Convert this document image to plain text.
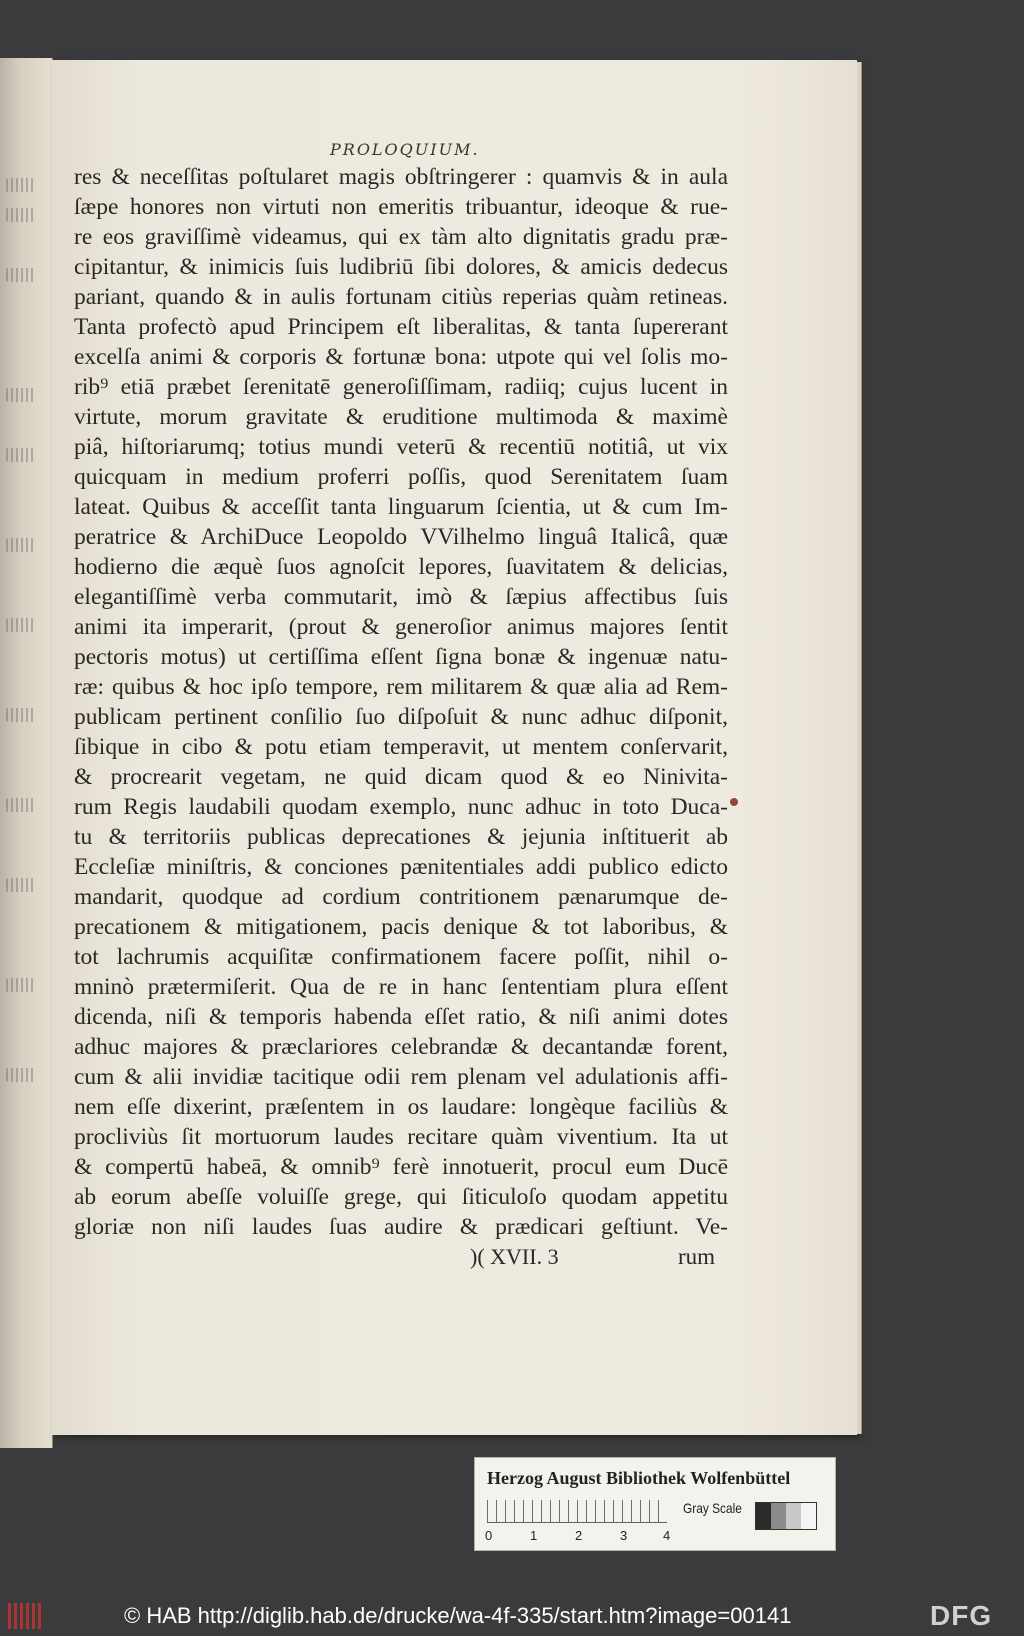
PROLOQUIUM.
res & neceſſitas poſtularet magis obſtringerer : quamvis & in aula
ſæpe honores non virtuti non emeritis tribuantur, ideoque & rue-
re eos graviſſimè videamus, qui ex tàm alto dignitatis gradu præ-
cipitantur, & inimicis ſuis ludibriū ſibi dolores, & amicis dedecus
pariant, quando & in aulis fortunam citiùs reperias quàm retineas.
Tanta profectò apud Principem eſt liberalitas, & tanta ſupererant
excelſa animi & corporis & fortunæ bona: utpote qui vel ſolis mo-
rib⁹ etiā præbet ſerenitatē generoſiſſimam, radiiq; cujus lucent in
virtute, morum gravitate & eruditione multimoda & maximè
piâ, hiſtoriarumq; totius mundi veterū & recentiū notitiâ, ut vix
quicquam in medium proferri poſſis, quod Serenitatem ſuam
lateat. Quibus & acceſſit tanta linguarum ſcientia, ut & cum Im-
peratrice & ArchiDuce Leopoldo VVilhelmo linguâ Italicâ, quæ
hodierno die æquè ſuos agnoſcit lepores, ſuavitatem & delicias,
elegantiſſimè verba commutarit, imò & ſæpius affectibus ſuis
animi ita imperarit, (prout & generoſior animus majores ſentit
pectoris motus) ut certiſſima eſſent ſigna bonæ & ingenuæ natu-
ræ: quibus & hoc ipſo tempore, rem militarem & quæ alia ad Rem-
publicam pertinent conſilio ſuo diſpoſuit & nunc adhuc diſponit,
ſibique in cibo & potu etiam temperavit, ut mentem conſervarit,
& procrearit vegetam, ne quid dicam quod & eo Ninivita-
rum Regis laudabili quodam exemplo, nunc adhuc in toto Duca-
tu & territoriis publicas deprecationes & jejunia inſtituerit ab
Eccleſiæ miniſtris, & conciones pænitentiales addi publico edicto
mandarit, quodque ad cordium contritionem pænarumque de-
precationem & mitigationem, pacis denique & tot laboribus, &
tot lachrumis acquiſitæ confirmationem facere poſſit, nihil o-
mninò prætermiſerit. Qua de re in hanc ſententiam plura eſſent
dicenda, niſi & temporis habenda eſſet ratio, & niſi animi dotes
adhuc majores & præclariores celebrandæ & decantandæ forent,
cum & alii invidiæ tacitique odii rem plenam vel adulationis affi-
nem eſſe dixerint, præſentem in os laudare: longèque faciliùs &
procliviùs ſit mortuorum laudes recitare quàm viventium. Ita ut
& compertū habeā, & omnib⁹ ferè innotuerit, procul eum Ducē
ab eorum abeſſe voluiſſe grege, qui ſiticuloſo quodam appetitu
gloriæ non niſi laudes ſuas audire & prædicari geſtiunt. Ve-
)( XVII. 3	rum
Herzog August Bibliothek Wolfenbüttel
0	1	2	3	4
Gray Scale
© HAB http://diglib.hab.de/drucke/wa-4f-335/start.htm?image=00141	DFG
